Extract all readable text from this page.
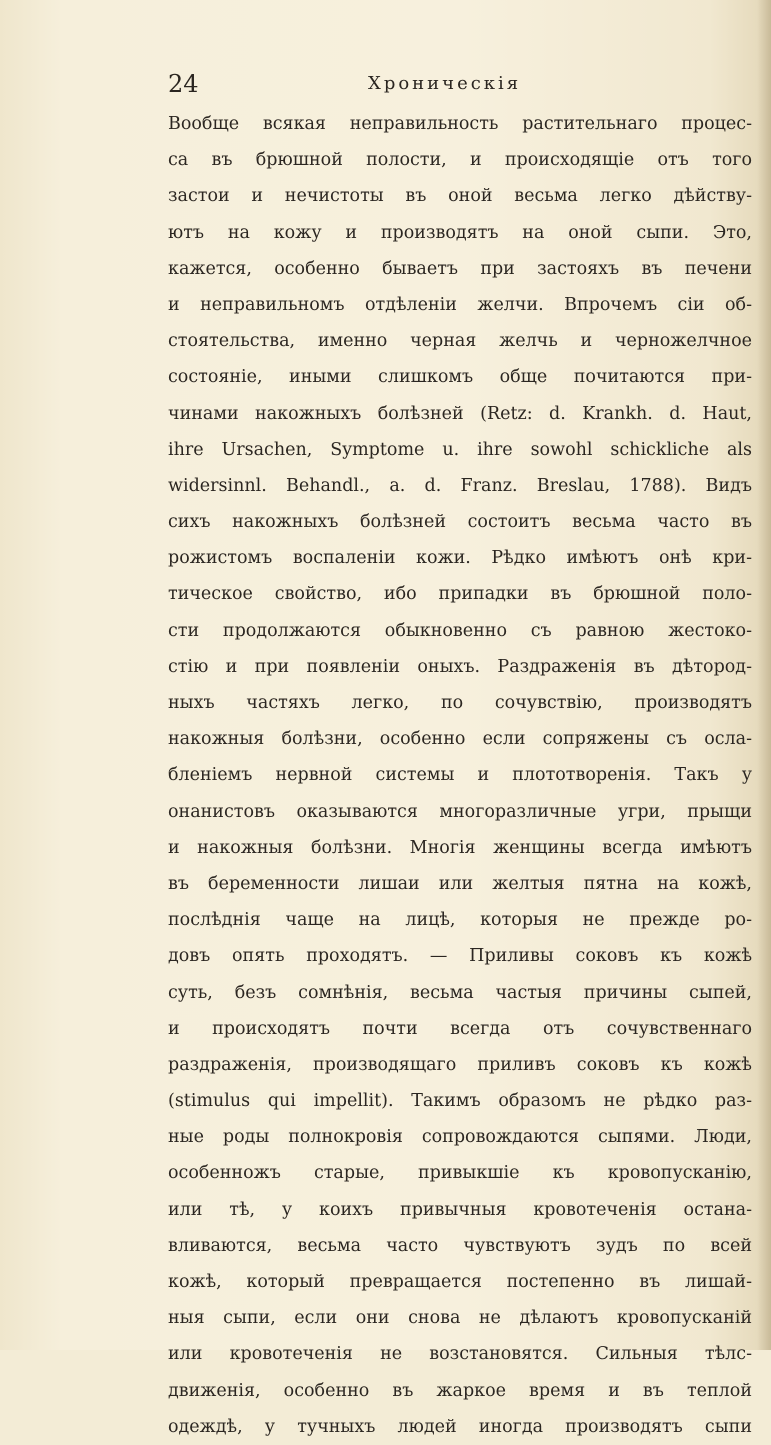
24	Хроническія
Вообще всякая неправильность растительнаго процес-
са въ брюшной полости, и происходящіе отъ того
застои и нечистоты въ оной весьма легко дѣйству-
ютъ на кожу и производятъ на оной сыпи. Это,
кажется, особенно бываетъ при застояхъ въ печени
и неправильномъ отдѣленіи желчи. Впрочемъ сіи об-
стоятельства, именно черная желчь и черножелчное
состояніе, иными слишкомъ обще почитаются при-
чинами накожныхъ болѣзней (Retz: d. Krankh. d. Haut,
ihre Ursachen, Symptome u. ihre sowohl schickliche als
widersinnl. Behandl., a. d. Franz. Breslau, 1788). Видъ
сихъ накожныхъ болѣзней состоитъ весьма часто въ
рожистомъ воспаленіи кожи. Рѣдко имѣютъ онѣ кри-
тическое свойство, ибо припадки въ брюшной поло-
сти продолжаются обыкновенно съ равною жестоко-
стію и при появленіи оныхъ. Раздраженія въ дѣтород-
ныхъ частяхъ легко, по сочувствію, производятъ
накожныя болѣзни, особенно если сопряжены съ осла-
бленіемъ нервной системы и плототворенія. Такъ у
онанистовъ оказываются многоразличные угри, прыщи
и накожныя болѣзни. Многія женщины всегда имѣютъ
въ беременности лишаи или желтыя пятна на кожѣ,
послѣднія чаще на лицѣ, которыя не прежде ро-
довъ опять проходятъ. — Приливы соковъ къ кожѣ
суть, безъ сомнѣнія, весьма частыя причины сыпей,
и происходятъ почти всегда отъ сочувственнаго
раздраженія, производящаго приливъ соковъ къ кожѣ
(stimulus qui impellit). Такимъ образомъ не рѣдко раз-
ные роды полнокровія сопровождаются сыпями. Люди,
особенножъ старые, привыкшіе къ кровопусканію,
или тѣ, у коихъ привычныя кровотеченія остана-
вливаются, весьма часто чувствуютъ зудъ по всей
кожѣ, который превращается постепенно въ лишай-
ныя сыпи, если они снова не дѣлаютъ кровопусканій
или кровотеченія не возстановятся. Сильныя тѣлс-
движенія, особенно въ жаркое время и въ теплой
одеждѣ, у тучныхъ людей иногда производятъ сыпи
